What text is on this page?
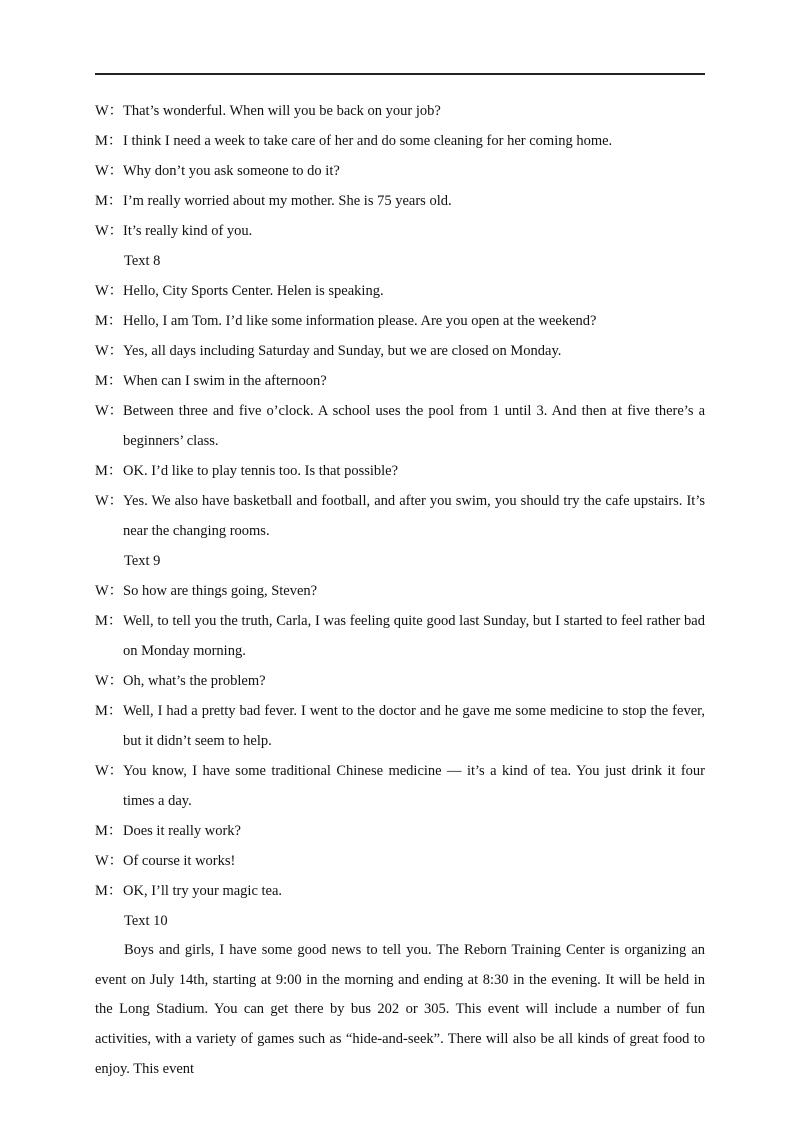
W： That’s wonderful. When will you be back on your job?
M： I think I need a week to take care of her and do some cleaning for her coming home.
W： Why don’t you ask someone to do it?
M： I’m really worried about my mother. She is 75 years old.
W： It’s really kind of you.
Text 8
W： Hello, City Sports Center. Helen is speaking.
M： Hello, I am Tom. I’d like some information please. Are you open at the weekend?
W： Yes, all days including Saturday and Sunday, but we are closed on Monday.
M： When can I swim in the afternoon?
W： Between three and five o’clock. A school uses the pool from 1 until 3. And then at five there’s a beginners’ class.
M： OK. I’d like to play tennis too. Is that possible?
W： Yes. We also have basketball and football, and after you swim, you should try the cafe upstairs. It’s near the changing rooms.
Text 9
W： So how are things going, Steven?
M： Well, to tell you the truth, Carla, I was feeling quite good last Sunday, but I started to feel rather bad on Monday morning.
W： Oh, what’s the problem?
M： Well, I had a pretty bad fever. I went to the doctor and he gave me some medicine to stop the fever, but it didn’t seem to help.
W： You know, I have some traditional Chinese medicine — it’s a kind of tea. You just drink it four times a day.
M： Does it really work?
W： Of course it works!
M： OK, I’ll try your magic tea.
Text 10
Boys and girls, I have some good news to tell you. The Reborn Training Center is organizing an event on July 14th, starting at 9:00 in the morning and ending at 8:30 in the evening. It will be held in the Long Stadium. You can get there by bus 202 or 305. This event will include a number of fun activities, with a variety of games such as “hide-and-seek”. There will also be all kinds of great food to enjoy. This event
